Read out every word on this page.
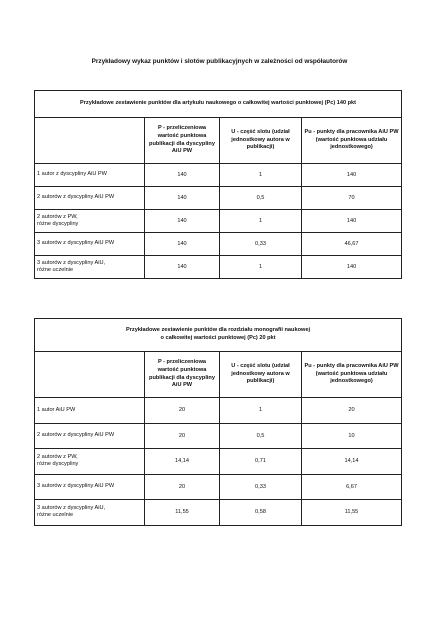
Przykładowy wykaz punktów i slotów publikacyjnych w zależności od współautorów
Przykładowe zestawienie punktów dla artykułu naukowego o całkowitej wartości punktowej (Pc) 140 pkt			
	P - przeliczeniowa wartość punktowa publikacji dla dyscypliny AiU PW	U - część slotu (udział jednostkowy autora w publikacji)	Pu - punkty dla pracownika AiU PW (wartość punktowa udziału jednostkowego)
1 autor z dyscypliny AiU PW	140	1	140
2 autorów z dyscypliny AiU PW	140	0,5	70
2 autorów z PW,
różne dyscypliny	140	1	140
3 autorów z dyscypliny AiU PW	140	0,33	46,67
3 autorów z dyscypliny AiU,
różne uczelnie	140	1	140
Przykładowe zestawienie punktów dla rozdziału monografii naukowej
o całkowitej wartości punktowej (Pc) 20 pkt			
	P - przeliczeniowa wartość punktowa publikacji dla dyscypliny AiU PW	U - część slotu (udział jednostkowy autora w publikacji)	Pu - punkty dla pracownika AiU PW (wartość punktowa udziału jednostkowego)
1 autor AiU PW	20	1	20
2 autorów z dyscypliny AiU PW	20	0,5	10
2 autorów z PW,
różne dyscypliny	14,14	0,71	14,14
3 autorów z dyscypliny AiU PW	20	0,33	6,67
3 autorów z dyscypliny AiU,
różne uczelnie	11,55	0,58	11,55
